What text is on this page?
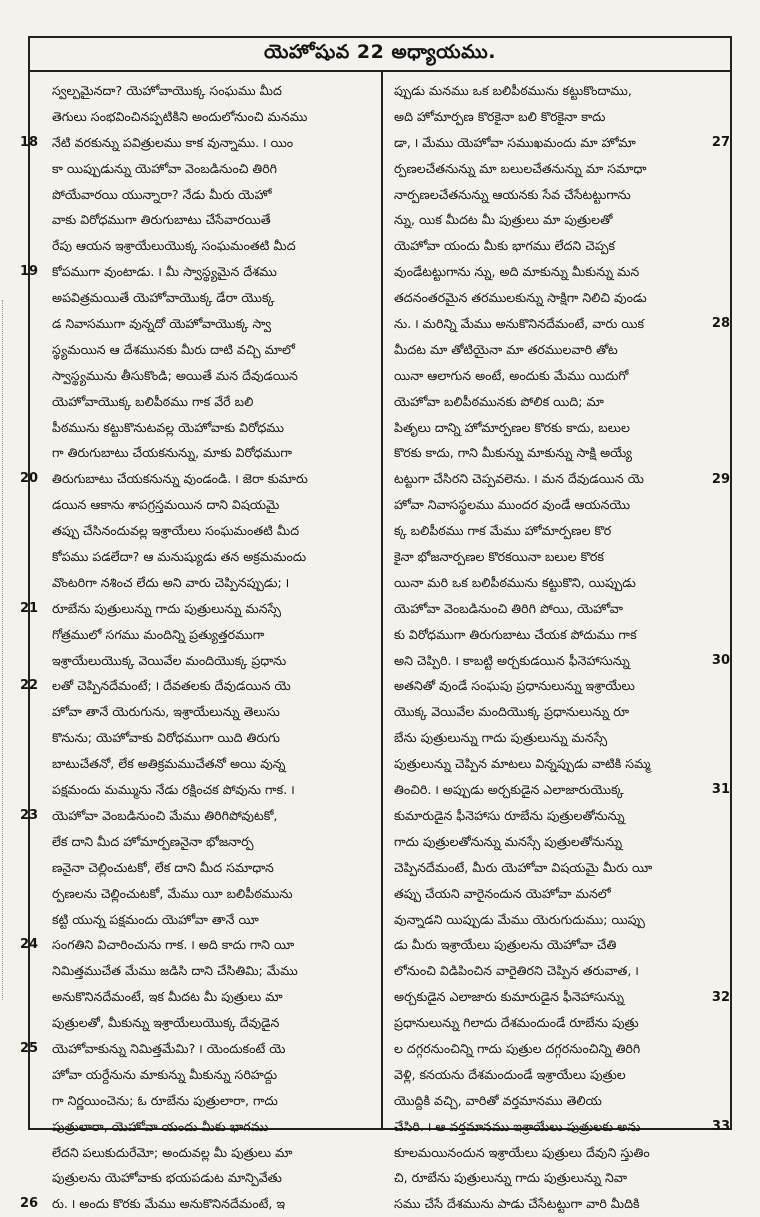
యెహోషువ 22 అధ్యాయము.
స్వల్పమైనదా? యెహోవాయొక్క సంఘము మీద
తెగులు సంభవించినప్పటికిని అందులోనుంచి మనము
18 నేటి వరకున్ను పవిత్రులము కాక వున్నాము. ౹ యిం
కా యిప్పుడున్ను యెహోవా వెంబడినుంచి తిరిగి
పోయేవారయి యున్నారా? నేడు మీరు యెహో
వాకు విరోధముగా తిరుగుబాటు చేసేవారయితే
రేపు ఆయన ఇశ్రాయేలుయొక్క సంఘమంతటి మీద
19 కోపముగా వుంటాడు. ౹ మీ స్వాస్థ్యమైన దేశము
అపవిత్రమయితే యెహోవాయొక్క డేరా యొక్క
డ నివాసముగా వున్నదో యెహోవాయొక్క స్వా
స్థ్యమయిన ఆ దేశమునకు మీరు దాటి వచ్చి మాలో
స్వాస్థ్యమును తీసుకొండి; అయితే మన దేవుడయిన
యెహోవాయొక్క బలిపీఠము గాక వేరే బలి
పీఠమును కట్టుకొనుటవల్ల యెహోవాకు విరోధము
గా తిరుగుబాటు చేయకనున్ను, మాకు విరోధముగా
20 తిరుగుబాటు చేయకనున్ను వుండండి. ౹ జెరా కుమారు
డయిన ఆకాను శాపగ్రస్తమయిన దాని విషయమై
తప్పు చేసినందువల్ల ఇశ్రాయేలు సంఘమంతటి మీద
కోపము పడలేదా? ఆ మనుష్యుడు తన అక్రమమందు
వొంటరిగా నశించ లేదు అని వారు చెప్పినప్పుడు; ౹
21 రూబేను పుత్రులున్ను గాదు పుత్రులున్ను మనస్సే
గోత్రములో సగము మందిన్ని ప్రత్యుత్తరముగా
ఇశ్రాయేలుయొక్క వెయివేల మందియొక్క ప్రధాను
22 లతో చెప్పినదేమంటే; ౹ దేవతలకు దేవుడయిన యె
హోవా తానే యెరుగును, ఇశ్రాయేలున్ను తెలుసు
కొనును; యెహోవాకు విరోధముగా యిది తిరుగు
బాటుచేతనో, లేక అతిక్రమముచేతనో అయి వున్న
పక్షమందు మమ్మును నేడు రక్షించక పోవును గాక. ౹
23 యెహోవా వెంబడినుంచి మేము తిరిగిపోవుటకో,
లేక దాని మీద హోమార్పణనైనా భోజనార్ప
ణనైనా చెల్లించుటకో, లేక దాని మీద సమాధాన
ర్పణలను చెల్లించుటకో, మేము యీ బలిపీఠమును
కట్టి యున్న పక్షమందు యెహోవా తానే యీ
24 సంగతిని విచారించును గాక. ౹ అది కాదు గాని యీ
నిమిత్తముచేత మేము జడిసి దాని చేసితిమి; మేము
అనుకొనినదేమంటే, ఇక మీదట మీ పుత్రులు మా
పుత్రులతో, మీకున్ను ఇశ్రాయేలుయొక్క దేవుడైన
25 యెహోవాకున్ను నిమిత్తమేమి? ౹ యెందుకంటే యె
హోవా యర్దేనును మాకున్ను మీకున్ను సరిహద్దు
గా నిర్ణయించెను; ఓ రూబేను పుత్రులారా, గాదు
పుత్రులారా, యెహోవా యందు మీకు భాగము
లేదని పలుకుదురేమో; అందువల్ల మీ పుత్రులు మా
పుత్రులను యెహోవాకు భయపడుట మాన్పివేతు
26 రు. ౹ అందు కొరకు మేము అనుకొనినదేమంటే, ఇ
ప్పుడు మనము ఒక బలిపీఠమును కట్టుకొందాము,
అది హోమార్పణ కొరకైనా బలి కొరకైనా కాదు
డా, ౹ మేము యెహోవా సముఖమందు మా హోమా
ర్పణలచేతనున్ను మా బలులచేతనున్ను మా సమాధా
నార్పణలచేతనున్ను ఆయనకు సేవ చేసేటట్టుగాను
న్ను, యిక మీదట మీ పుత్రులు మా పుత్రులతో
యెహోవా యందు మీకు భాగము లేదని చెప్పక
వుండేటట్టుగాను న్ను, అది మాకున్ను మీకున్ను మన
తదనంతరమైన తరములకున్ను సాక్షిగా నిలిచి వుండు
ను. ౹ మరిన్ని మేము అనుకొనినదేమంటే, వారు యిక
మీదట మా తోటియైనా మా తరములవారి తోట
యినా ఆలాగున అంటే, అందుకు మేము యిదుగో
యెహోవా బలిపీఠమునకు పోలిక యిది; మా
పితృలు దాన్ని హోమార్పణల కొరకు కాదు, బలుల
కొరకు కాదు, గాని మీకున్ను మాకున్ను సాక్షి అయ్యే
టట్టుగా చేసిరని చెప్పవలెను. ౹ మన దేవుడయిన యె
హోవా నివాసస్థలము ముందర వుండే ఆయనయొ
క్క బలిపీఠము గాక మేము హోమార్పణల కొర
కైనా భోజనార్పణల కొరకయినా బలుల కొరక
యినా మరి ఒక బలిపీఠమును కట్టుకొని, యిప్పుడు
యెహోవా వెంబడినుంచి తిరిగి పోయి, యెహోవా
కు విరోధముగా తిరుగుబాటు చేయక పోదుము గాక
అని చెప్పిరి. ౹ కాబట్టి అర్చకుడయిన ఫీనెహాసున్ను
అతనితో వుండే సంఘపు ప్రధానులున్ను ఇశ్రాయేలు
యొక్క వెయివేల మందియొక్క ప్రధానులున్ను రూ
బేను పుత్రులున్ను గాదు పుత్రులున్ను మనస్సే
పుత్రులున్ను చెప్పిన మాటలు విన్నప్పుడు వాటికి సమ్మ
తించిరి. ౹ అప్పుడు అర్చకుడైన ఎలాజారుయొక్క
కుమారుడైన ఫీనెహాసు రూబేను పుత్రులతోనున్ను
గాదు పుత్రులతోనున్ను మనస్సే పుత్రులతోనున్ను
చెప్పినదేమంటే, మీరు యెహోవా విషయమై మీరు యీ
తప్పు చేయని వారైనందున యెహోవా మనలో
వున్నాడని యిప్పుడు మేము యెరుగుదుము; యిప్పు
డు మీరు ఇశ్రాయేలు పుత్రులను యెహోవా చేతి
లోనుంచి విడిపించిన వారైతిరని చెప్పిన తరువాత, ౹
అర్చకుడైన ఎలాజారు కుమారుడైన ఫీనెహాసున్ను
ప్రధానులున్ను గిలాదు దేశమందుండే రూబేను పుత్రు
ల దగ్గరనుంచిన్ని గాదు పుత్రుల దగ్గరనుంచిన్ని తిరిగి
వెళ్లి, కనయను దేశమందుండే ఇశ్రాయేలు పుత్రుల
యొద్దికి వచ్చి, వారితో వర్తమానము తెలియ
చేసిరి. ౹ ఆ వర్తమానము ఇశ్రాయేలు పుత్రులకు అను
కూలమయినందున ఇశ్రాయేలు పుత్రులు దేవుని స్తుతిం
చి, రూబేను పుత్రులున్ను గాదు పుత్రులున్ను నివా
సము చేసే దేశమును పాడు చేసేటట్టుగా వారి మీదికి
27
28
29
30
31
32
33
